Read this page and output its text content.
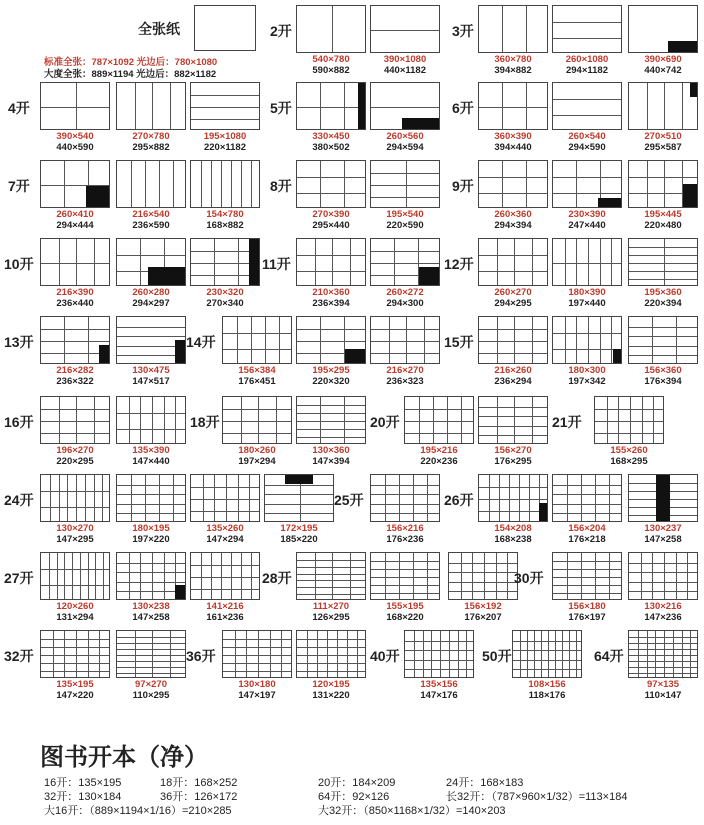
全张纸
标准全张：787×1092 光边后：780×1080
大度全张：889×1194 光边后：882×1182
2开
540×780
590×882
390×1080
440×1182
3开
360×780
394×882
260×1080
294×1182
390×690
440×742
4开
390×540
440×590
270×780
295×882
195×1080
220×1182
5开
330×450
380×502
260×560
294×594
6开
360×390
394×440
260×540
294×590
270×510
295×587
7开
260×410
294×444
216×540
236×590
154×780
168×882
8开
270×390
295×440
195×540
220×590
9开
260×360
294×394
230×390
247×440
195×445
220×480
10开
216×390
236×440
260×280
294×297
230×320
270×340
11开
210×360
236×394
260×272
294×300
12开
260×270
294×295
180×390
197×440
195×360
220×394
13开
216×282
236×322
130×475
147×517
14开
156×384
176×451
195×295
220×320
216×270
236×323
15开
216×260
236×294
180×300
197×342
156×360
176×394
16开
196×270
220×295
135×390
147×440
18开
180×260
197×294
130×360
147×394
20开
195×216
220×236
156×270
176×295
21开
155×260
168×295
24开
130×270
147×295
180×195
197×220
135×260
147×294
172×195
185×220
25开
156×216
176×236
26开
154×208
168×238
156×204
176×218
130×237
147×258
27开
120×260
131×294
130×238
147×258
141×216
161×236
28开
111×270
126×295
155×195
168×220
156×192
176×207
30开
156×180
176×197
130×216
147×236
32开
135×195
147×220
97×270
110×295
36开
130×180
147×197
120×195
131×220
40开
135×156
147×176
50开
108×156
118×176
64开
97×135
110×147
图书开本（净）
16开：135×195	18开：168×252	20开：184×209	24开：168×183
32开：130×184	36开：126×172	64开：92×126	长32开：（787×960×1/32）=113×184
大16开：（889×1194×1/16）=210×285	大32开：（850×1168×1/32）=140×203
